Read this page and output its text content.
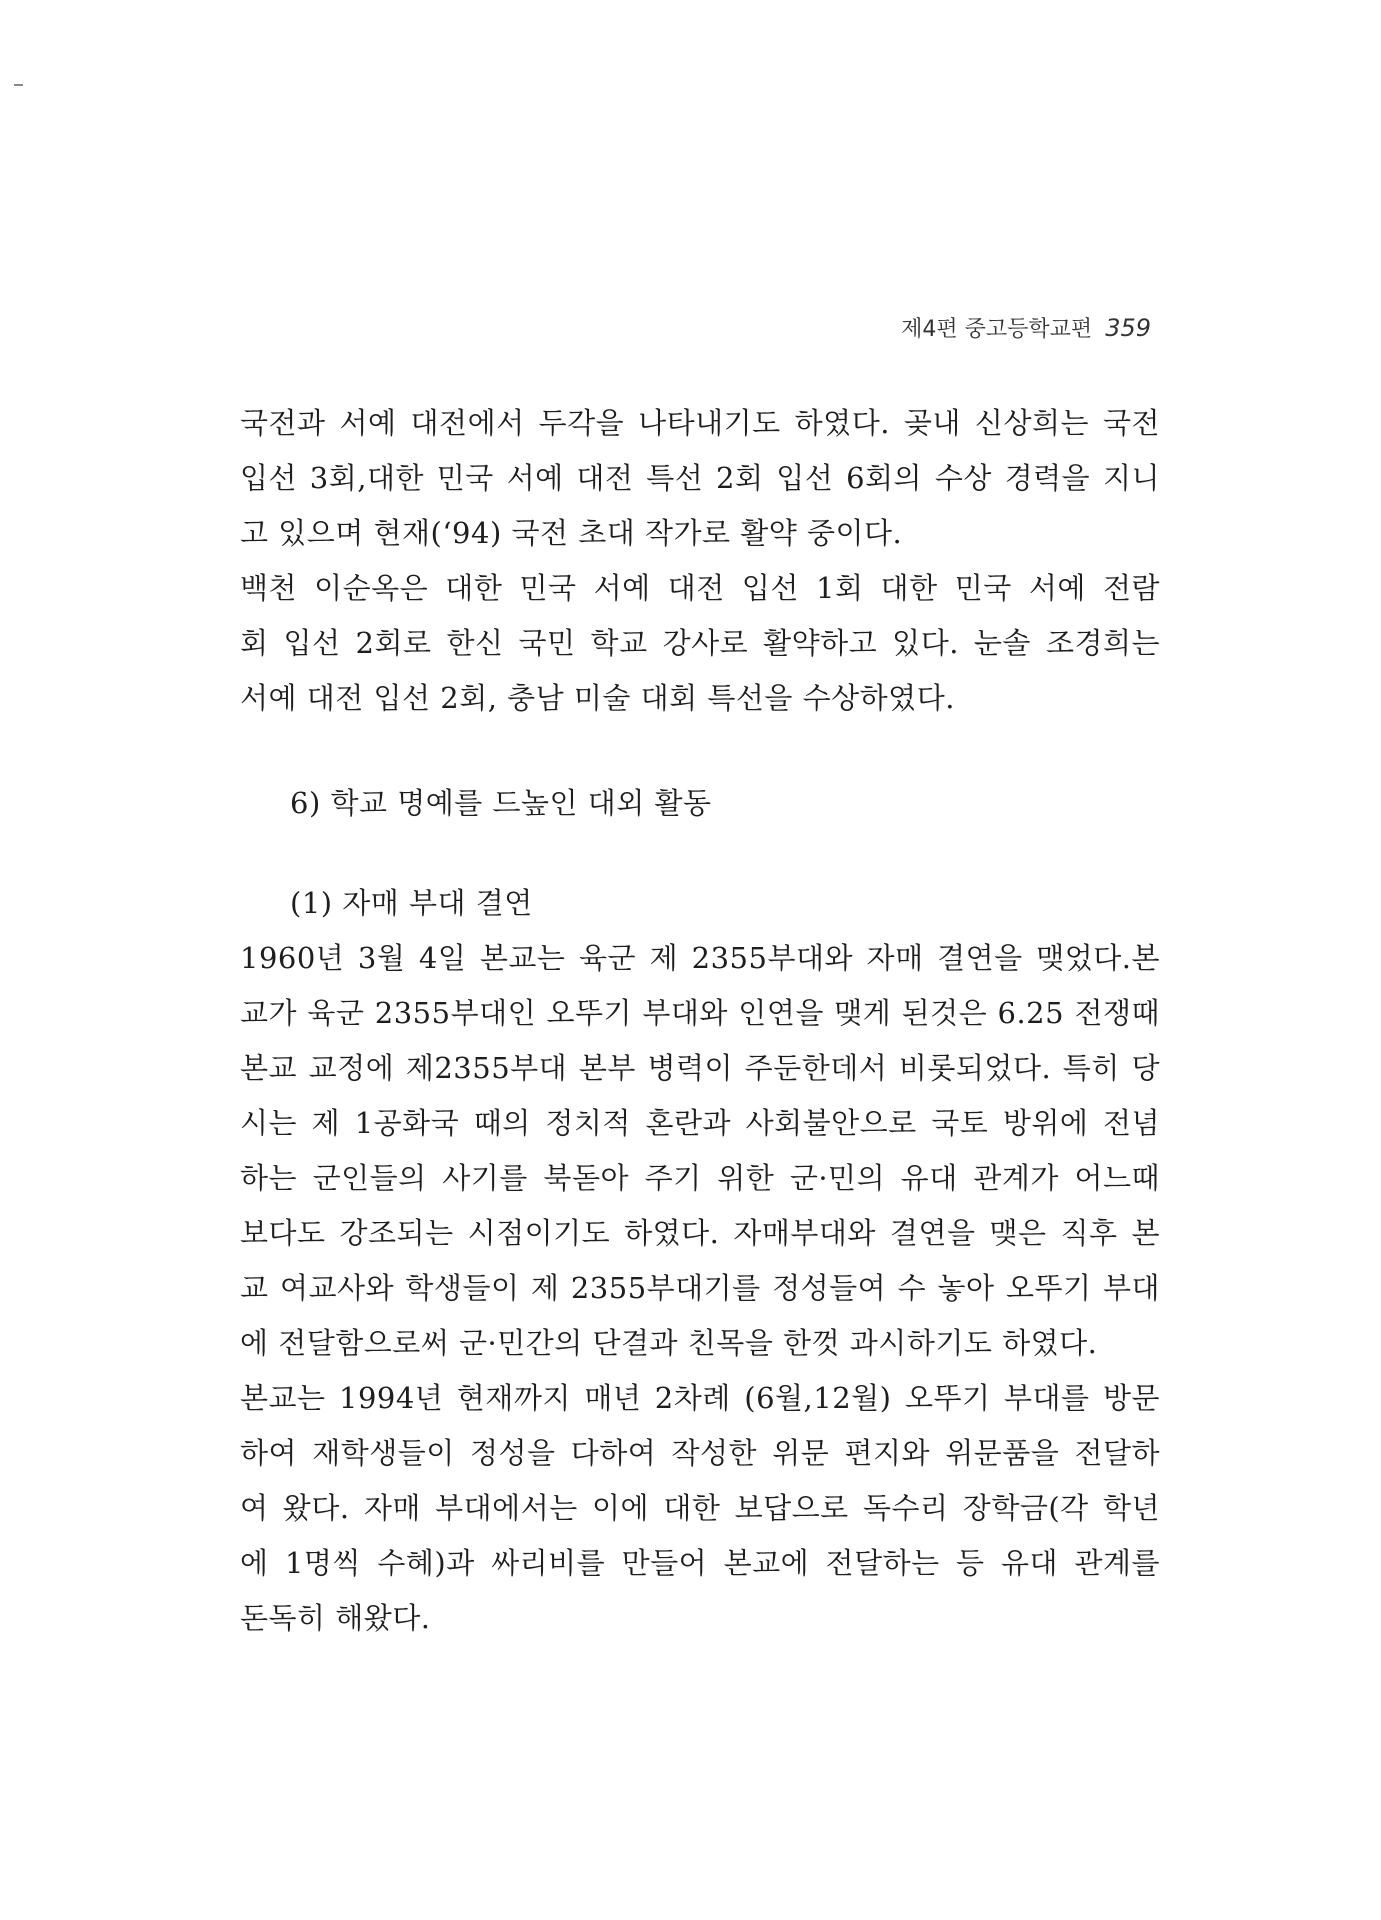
제4편 중고등학교편 359
국전과 서예 대전에서 두각을 나타내기도 하였다. 곶내 신상희는 국전
입선 3회,대한 민국 서예 대전 특선 2회 입선 6회의 수상 경력을 지니
고 있으며 현재(‘94) 국전 초대 작가로 활약 중이다.
백천 이순옥은 대한 민국 서예 대전 입선 1회 대한 민국 서예 전람
회 입선 2회로 한신 국민 학교 강사로 활약하고 있다. 눈솔 조경희는
서예 대전 입선 2회, 충남 미술 대회 특선을 수상하였다.
6) 학교 명예를 드높인 대외 활동
(1) 자매 부대 결연
1960년 3월 4일 본교는 육군 제 2355부대와 자매 결연을 맺었다.본
교가 육군 2355부대인 오뚜기 부대와 인연을 맺게 된것은 6.25 전쟁때
본교 교정에 제2355부대 본부 병력이 주둔한데서 비롯되었다. 특히 당
시는 제 1공화국 때의 정치적 혼란과 사회불안으로 국토 방위에 전념
하는 군인들의 사기를 북돋아 주기 위한 군·민의 유대 관계가 어느때
보다도 강조되는 시점이기도 하였다. 자매부대와 결연을 맺은 직후 본
교 여교사와 학생들이 제 2355부대기를 정성들여 수 놓아 오뚜기 부대
에 전달함으로써 군·민간의 단결과 친목을 한껏 과시하기도 하였다.
본교는 1994년 현재까지 매년 2차례 (6월,12월) 오뚜기 부대를 방문
하여 재학생들이 정성을 다하여 작성한 위문 편지와 위문품을 전달하
여 왔다. 자매 부대에서는 이에 대한 보답으로 독수리 장학금(각 학년
에 1명씩 수혜)과 싸리비를 만들어 본교에 전달하는 등 유대 관계를
돈독히 해왔다.
